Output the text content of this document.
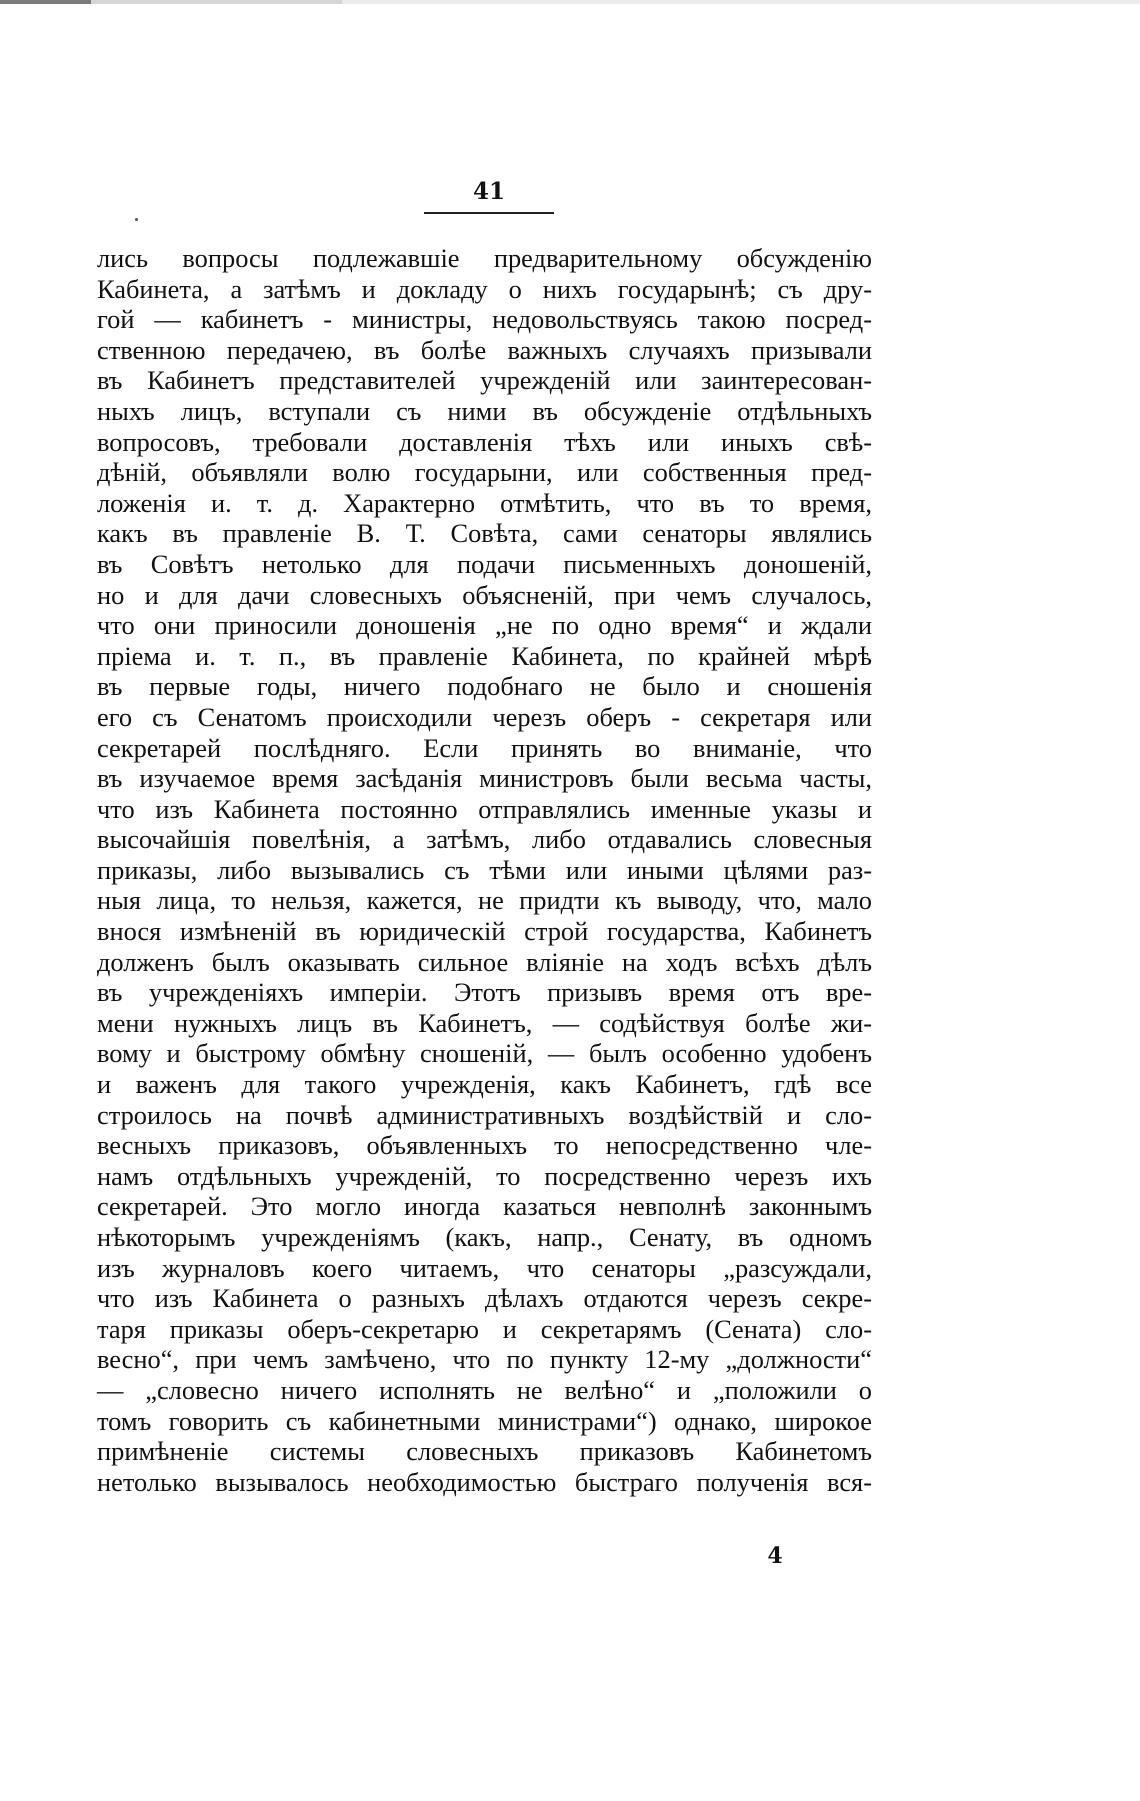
41
лись вопросы подлежавшіе предварительному обсужденію
Кабинета, а затѣмъ и докладу о нихъ государынѣ; съ дру-
гой — кабинетъ - министры, недовольствуясь такою посред-
ственною передачею, въ болѣе важныхъ случаяхъ призывали
въ Кабинетъ представителей учрежденій или заинтересован-
ныхъ лицъ, вступали съ ними въ обсужденіе отдѣльныхъ
вопросовъ, требовали доставленія тѣхъ или иныхъ свѣ-
дѣній, объявляли волю государыни, или собственныя пред-
ложенія и. т. д. Характерно отмѣтить, что въ то время,
какъ въ правленіе В. Т. Совѣта, сами сенаторы являлись
въ Совѣтъ нетолько для подачи письменныхъ доношеній,
но и для дачи словесныхъ объясненій, при чемъ случалось,
что они приносили доношенія „не по одно время“ и ждали
пріема и. т. п., въ правленіе Кабинета, по крайней мѣрѣ
въ первые годы, ничего подобнаго не было и сношенія
его съ Сенатомъ происходили черезъ оберъ - секретаря или
секретарей послѣдняго. Если принять во вниманіе, что
въ изучаемое время засѣданія министровъ были весьма часты,
что изъ Кабинета постоянно отправлялись именные указы и
высочайшія повелѣнія, а затѣмъ, либо отдавались словесныя
приказы, либо вызывались съ тѣми или иными цѣлями раз-
ныя лица, то нельзя, кажется, не придти къ выводу, что, мало
внося измѣненій въ юридическій строй государства, Кабинетъ
долженъ былъ оказывать сильное вліяніе на ходъ всѣхъ дѣлъ
въ учрежденіяхъ имперіи. Этотъ призывъ время отъ вре-
мени нужныхъ лицъ въ Кабинетъ, — содѣйствуя болѣе жи-
вому и быстрому обмѣну сношеній, — былъ особенно удобенъ
и важенъ для такого учрежденія, какъ Кабинетъ, гдѣ все
строилось на почвѣ административныхъ воздѣйствій и сло-
весныхъ приказовъ, объявленныхъ то непосредственно чле-
намъ отдѣльныхъ учрежденій, то посредственно черезъ ихъ
секретарей. Это могло иногда казаться невполнѣ законнымъ
нѣкоторымъ учрежденіямъ (какъ, напр., Сенату, въ одномъ
изъ журналовъ коего читаемъ, что сенаторы „разсуждали,
что изъ Кабинета о разныхъ дѣлахъ отдаются черезъ секре-
таря приказы оберъ-секретарю и секретарямъ (Сената) сло-
весно“, при чемъ замѣчено, что по пункту 12-му „должности“
— „словесно ничего исполнять не велѣно“ и „положили о
томъ говорить съ кабинетными министрами“) однако, широкое
примѣненіе системы словесныхъ приказовъ Кабинетомъ
нетолько вызывалось необходимостью быстраго полученія вся-
4
